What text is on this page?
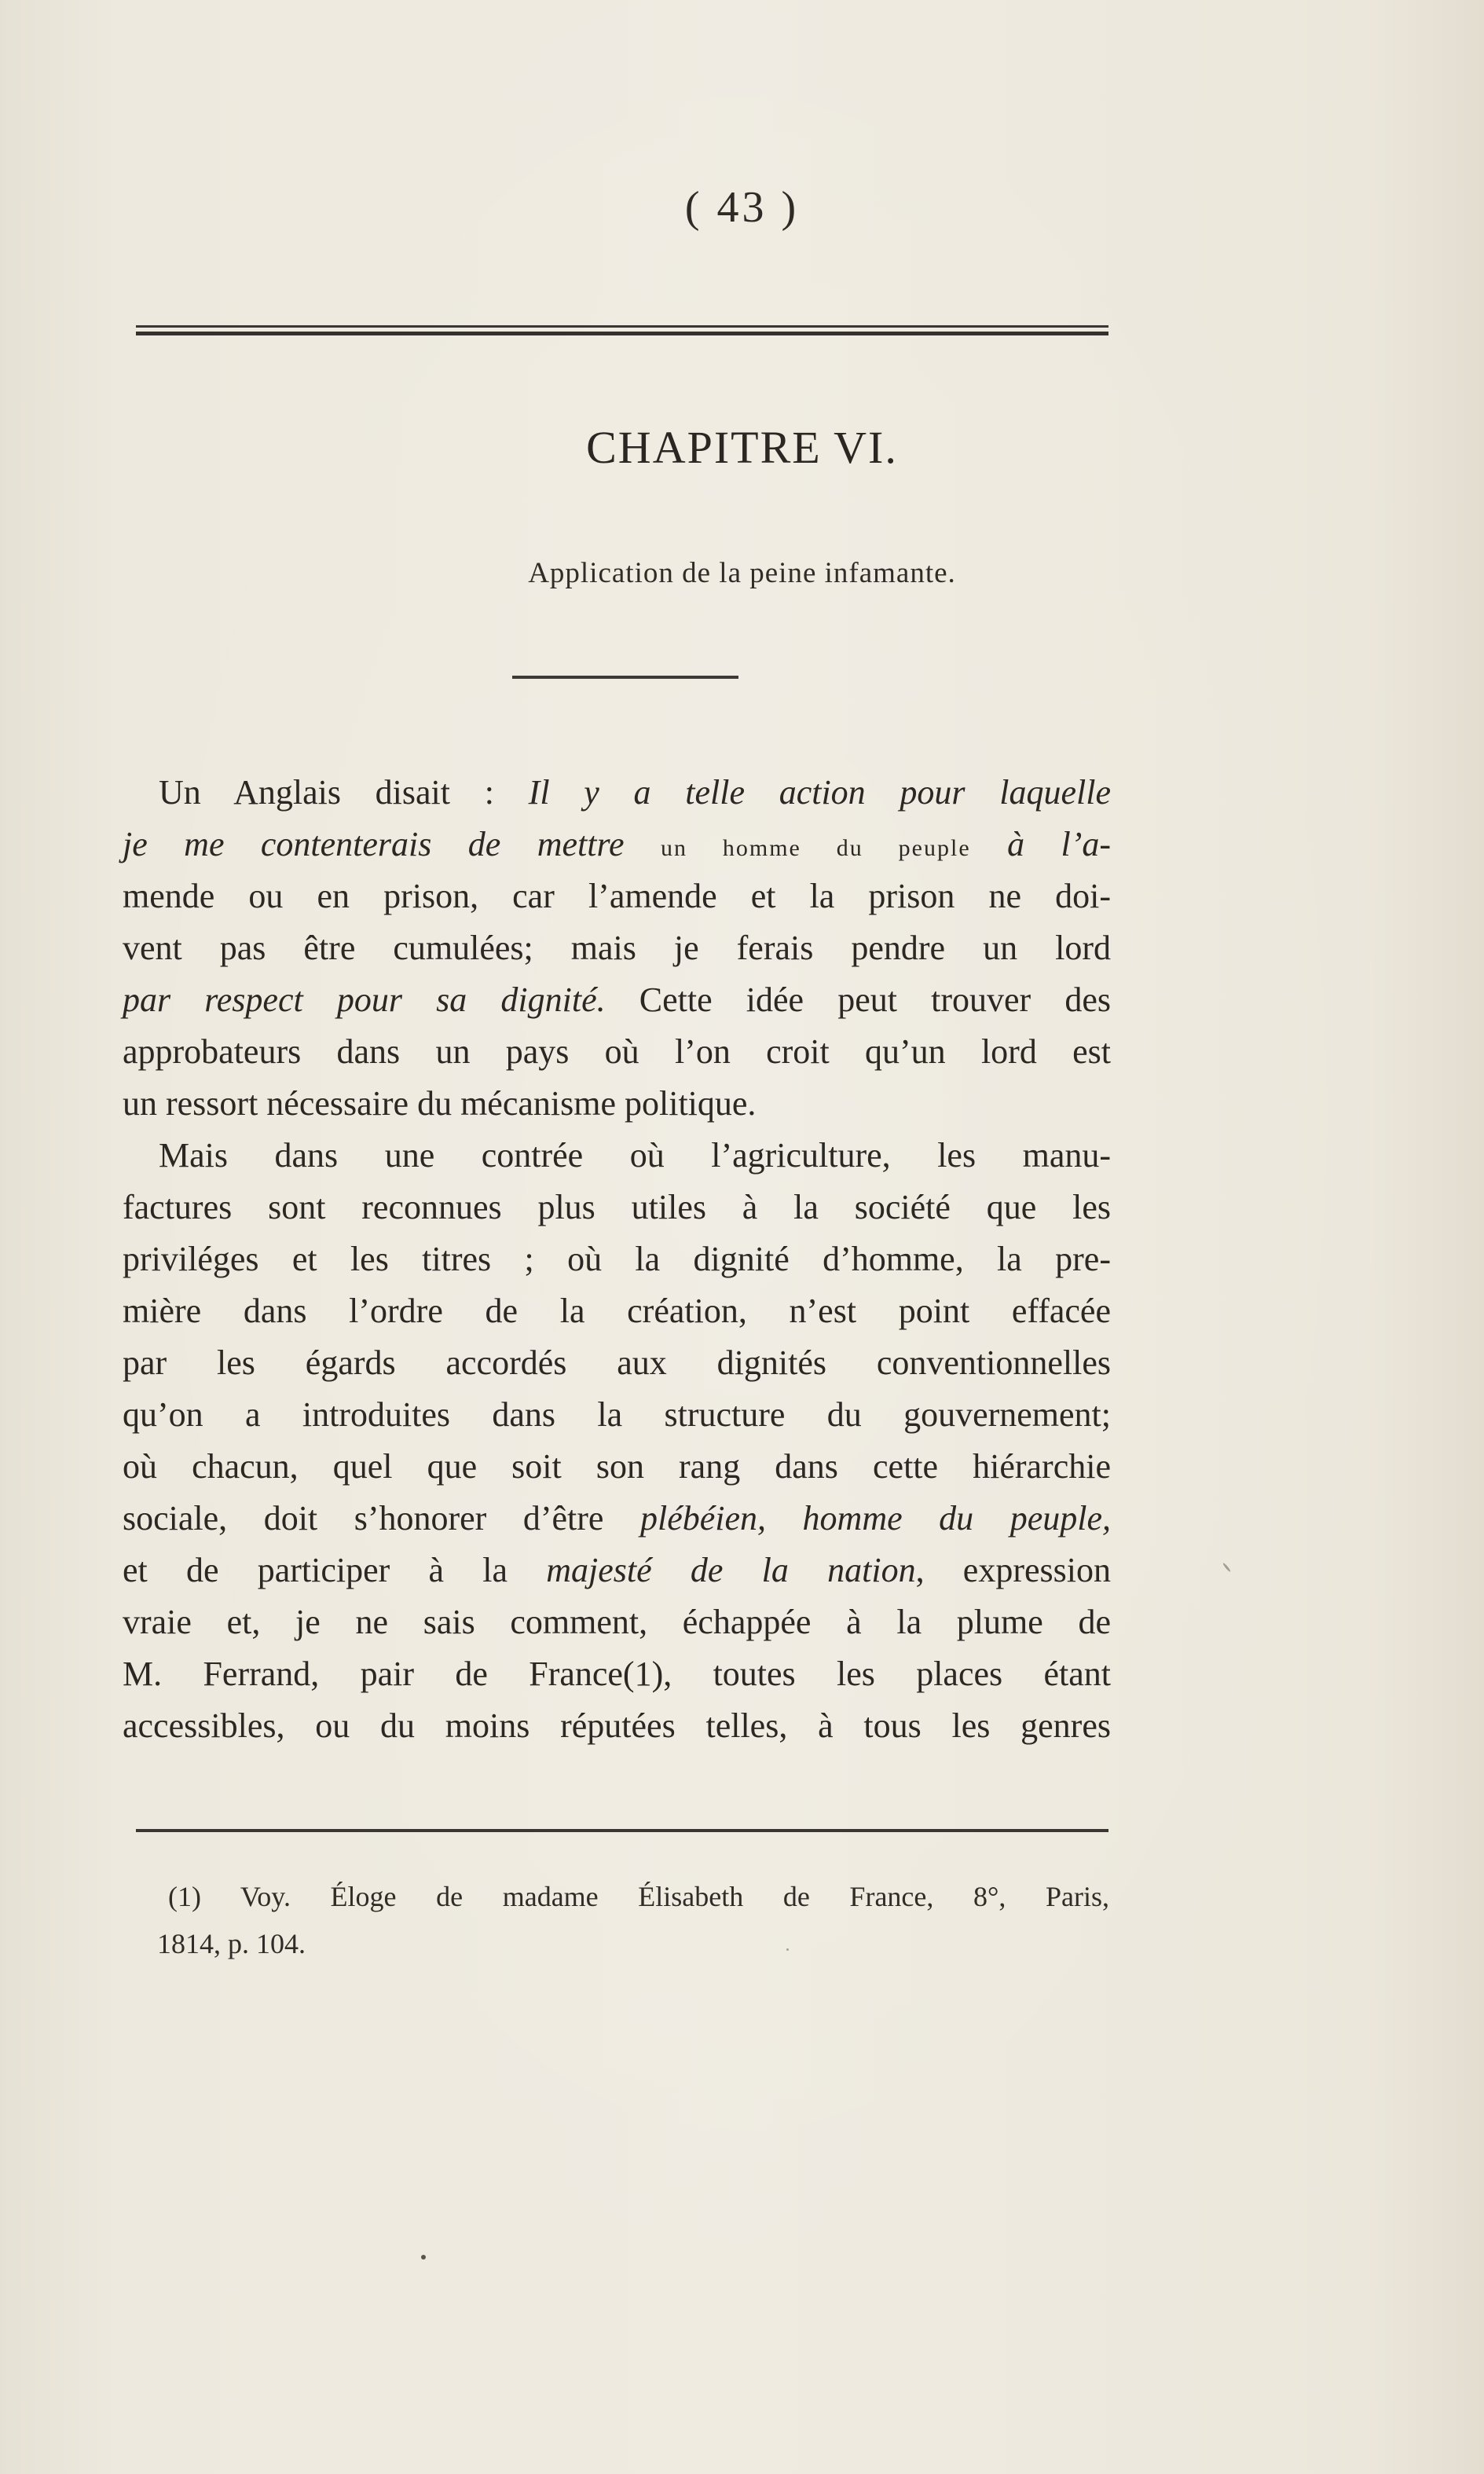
( 43 )
CHAPITRE VI.
Application de la peine infamante.
Un Anglais disait : Il y a telle action pour laquelle
je me contenterais de mettre un homme du peuple à l’a-
mende ou en prison, car l’amende et la prison ne doi-
vent pas être cumulées; mais je ferais pendre un lord
par respect pour sa dignité. Cette idée peut trouver des
approbateurs dans un pays où l’on croit qu’un lord est
un ressort nécessaire du mécanisme politique.
Mais dans une contrée où l’agriculture, les manu-
factures sont reconnues plus utiles à la société que les
priviléges et les titres ; où la dignité d’homme, la pre-
mière dans l’ordre de la création, n’est point effacée
par les égards accordés aux dignités conventionnelles
qu’on a introduites dans la structure du gouvernement;
où chacun, quel que soit son rang dans cette hiérarchie
sociale, doit s’honorer d’être plébéien, homme du peuple,
et de participer à la majesté de la nation, expression
vraie et, je ne sais comment, échappée à la plume de
M. Ferrand, pair de France(1), toutes les places étant
accessibles, ou du moins réputées telles, à tous les genres
(1) Voy. Éloge de madame Élisabeth de France, 8°, Paris,
1814, p. 104.
